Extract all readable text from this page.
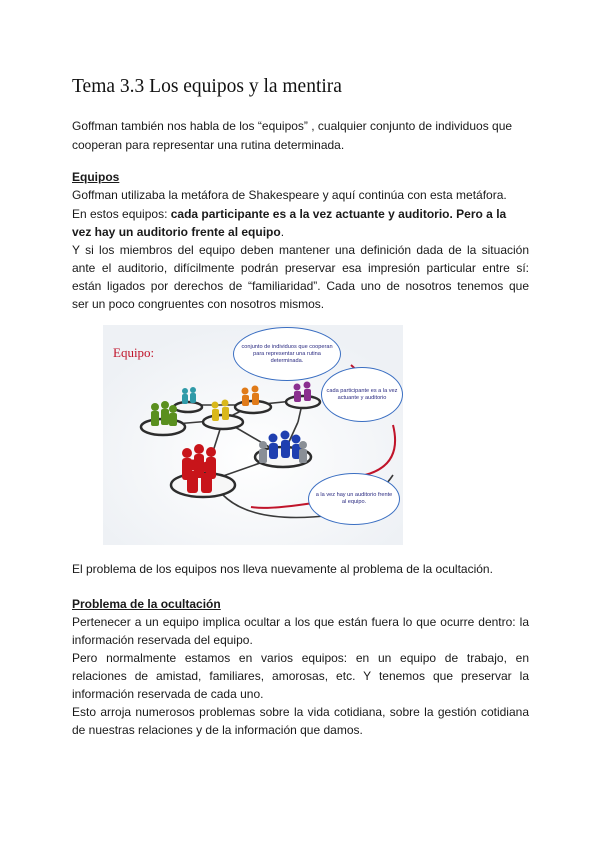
Tema 3.3 Los equipos y la mentira

Goffman también nos habla de los “equipos” , cualquier conjunto de individuos que cooperan para representar una rutina determinada.

Equipos

Goffman utilizaba la metáfora de Shakespeare y aquí continúa con esta metáfora.

En estos equipos: cada participante es a la vez actuante y auditorio. Pero a la

vez hay un auditorio frente al equipo.

Y si los miembros del equipo deben mantener una definición dada de la situación

ante el auditorio, difícilmente podrán preservar esa impresión particular entre sí:

están ligados por derechos de “familiaridad”. Cada uno de nosotros tenemos que

ser un poco congruentes con nosotros mismos.

Equipo:	conjunto de individuos que cooperan para representar una rutina determinada.
cada participante es a la vez actuante y auditorio
a la vez hay un auditorio frente al equipo.

El problema de los equipos nos lleva nuevamente al problema de la ocultación.

Problema de la ocultación

Pertenecer a un equipo implica ocultar a los que están fuera lo que ocurre dentro: la

información reservada del equipo.

Pero normalmente estamos en varios equipos: en un equipo de trabajo, en

relaciones de amistad, familiares, amorosas, etc. Y tenemos que preservar la

información reservada de cada uno.

Esto arroja numerosos problemas sobre la vida cotidiana, sobre la gestión cotidiana

de nuestras relaciones y de la información que damos.
